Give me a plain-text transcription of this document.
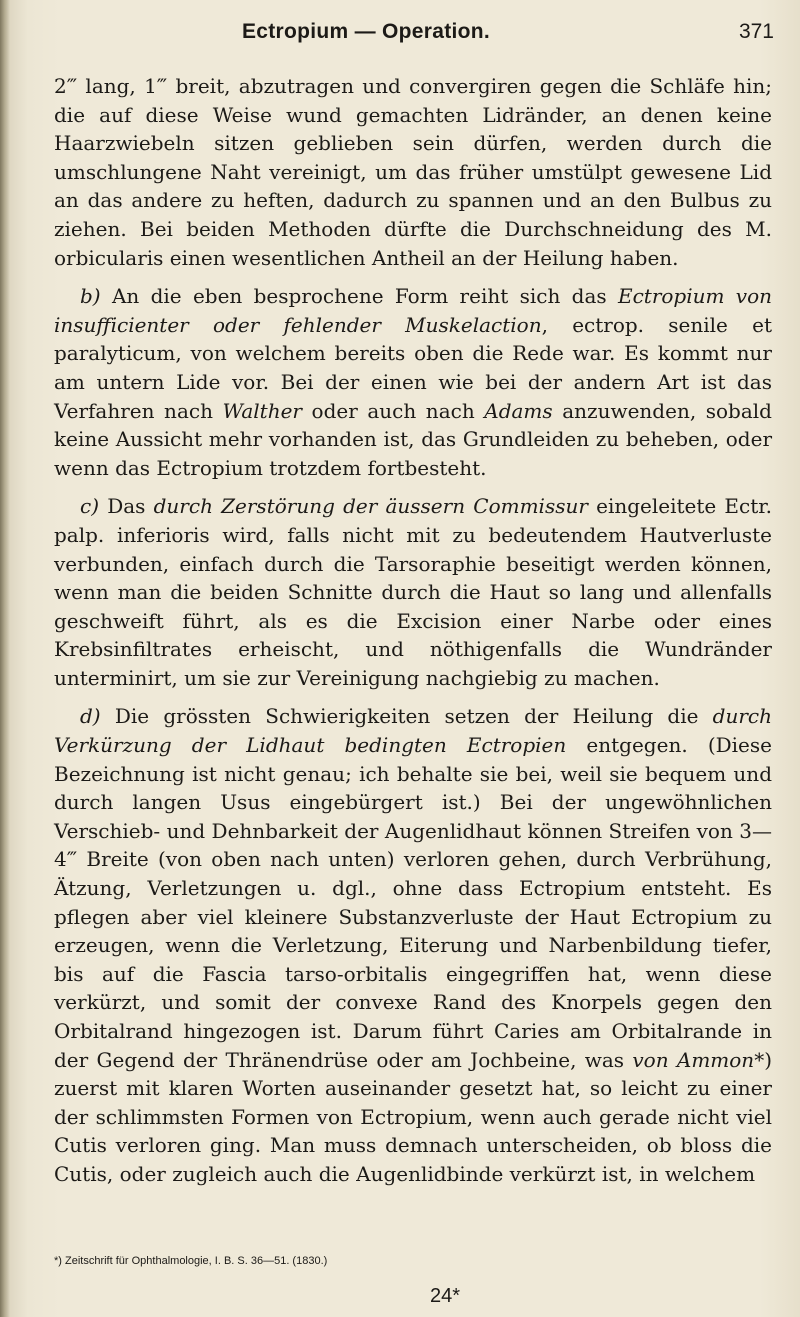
Ectropium — Operation.	371

2‴ lang, 1‴ breit, abzutragen und convergiren gegen die Schläfe hin; die auf diese Weise wund gemachten Lidränder, an denen keine Haarzwiebeln sitzen geblieben sein dürfen, werden durch die umschlungene Naht vereinigt, um das früher umstülpt gewesene Lid an das andere zu heften, dadurch zu spannen und an den Bulbus zu ziehen. Bei beiden Methoden dürfte die Durchschneidung des M. orbicularis einen wesentlichen Antheil an der Heilung haben.

b) An die eben besprochene Form reiht sich das Ectropium von insufficienter oder fehlender Muskelaction, ectrop. senile et paralyticum, von welchem bereits oben die Rede war. Es kommt nur am untern Lide vor. Bei der einen wie bei der andern Art ist das Verfahren nach Walther oder auch nach Adams anzuwenden, sobald keine Aussicht mehr vorhanden ist, das Grundleiden zu beheben, oder wenn das Ectropium trotzdem fortbesteht.

c) Das durch Zerstörung der äussern Commissur eingeleitete Ectr. palp. inferioris wird, falls nicht mit zu bedeutendem Hautverluste verbunden, einfach durch die Tarsoraphie beseitigt werden können, wenn man die beiden Schnitte durch die Haut so lang und allenfalls geschweift führt, als es die Excision einer Narbe oder eines Krebsinfiltrates erheischt, und nöthigenfalls die Wundränder unterminirt, um sie zur Vereinigung nachgiebig zu machen.

d) Die grössten Schwierigkeiten setzen der Heilung die durch Verkürzung der Lidhaut bedingten Ectropien entgegen. (Diese Bezeichnung ist nicht genau; ich behalte sie bei, weil sie bequem und durch langen Usus eingebürgert ist.) Bei der ungewöhnlichen Verschieb- und Dehnbarkeit der Augenlidhaut können Streifen von 3—4‴ Breite (von oben nach unten) verloren gehen, durch Verbrühung, Ätzung, Verletzungen u. dgl., ohne dass Ectropium entsteht. Es pflegen aber viel kleinere Substanzverluste der Haut Ectropium zu erzeugen, wenn die Verletzung, Eiterung und Narbenbildung tiefer, bis auf die Fascia tarso-orbitalis eingegriffen hat, wenn diese verkürzt, und somit der convexe Rand des Knorpels gegen den Orbitalrand hingezogen ist. Darum führt Caries am Orbitalrande in der Gegend der Thränendrüse oder am Jochbeine, was von Ammon*) zuerst mit klaren Worten auseinander gesetzt hat, so leicht zu einer der schlimmsten Formen von Ectropium, wenn auch gerade nicht viel Cutis verloren ging. Man muss demnach unterscheiden, ob bloss die Cutis, oder zugleich auch die Augenlidbinde verkürzt ist, in welchem

*) Zeitschrift für Ophthalmologie, I. B. S. 36—51. (1830.)
24*
